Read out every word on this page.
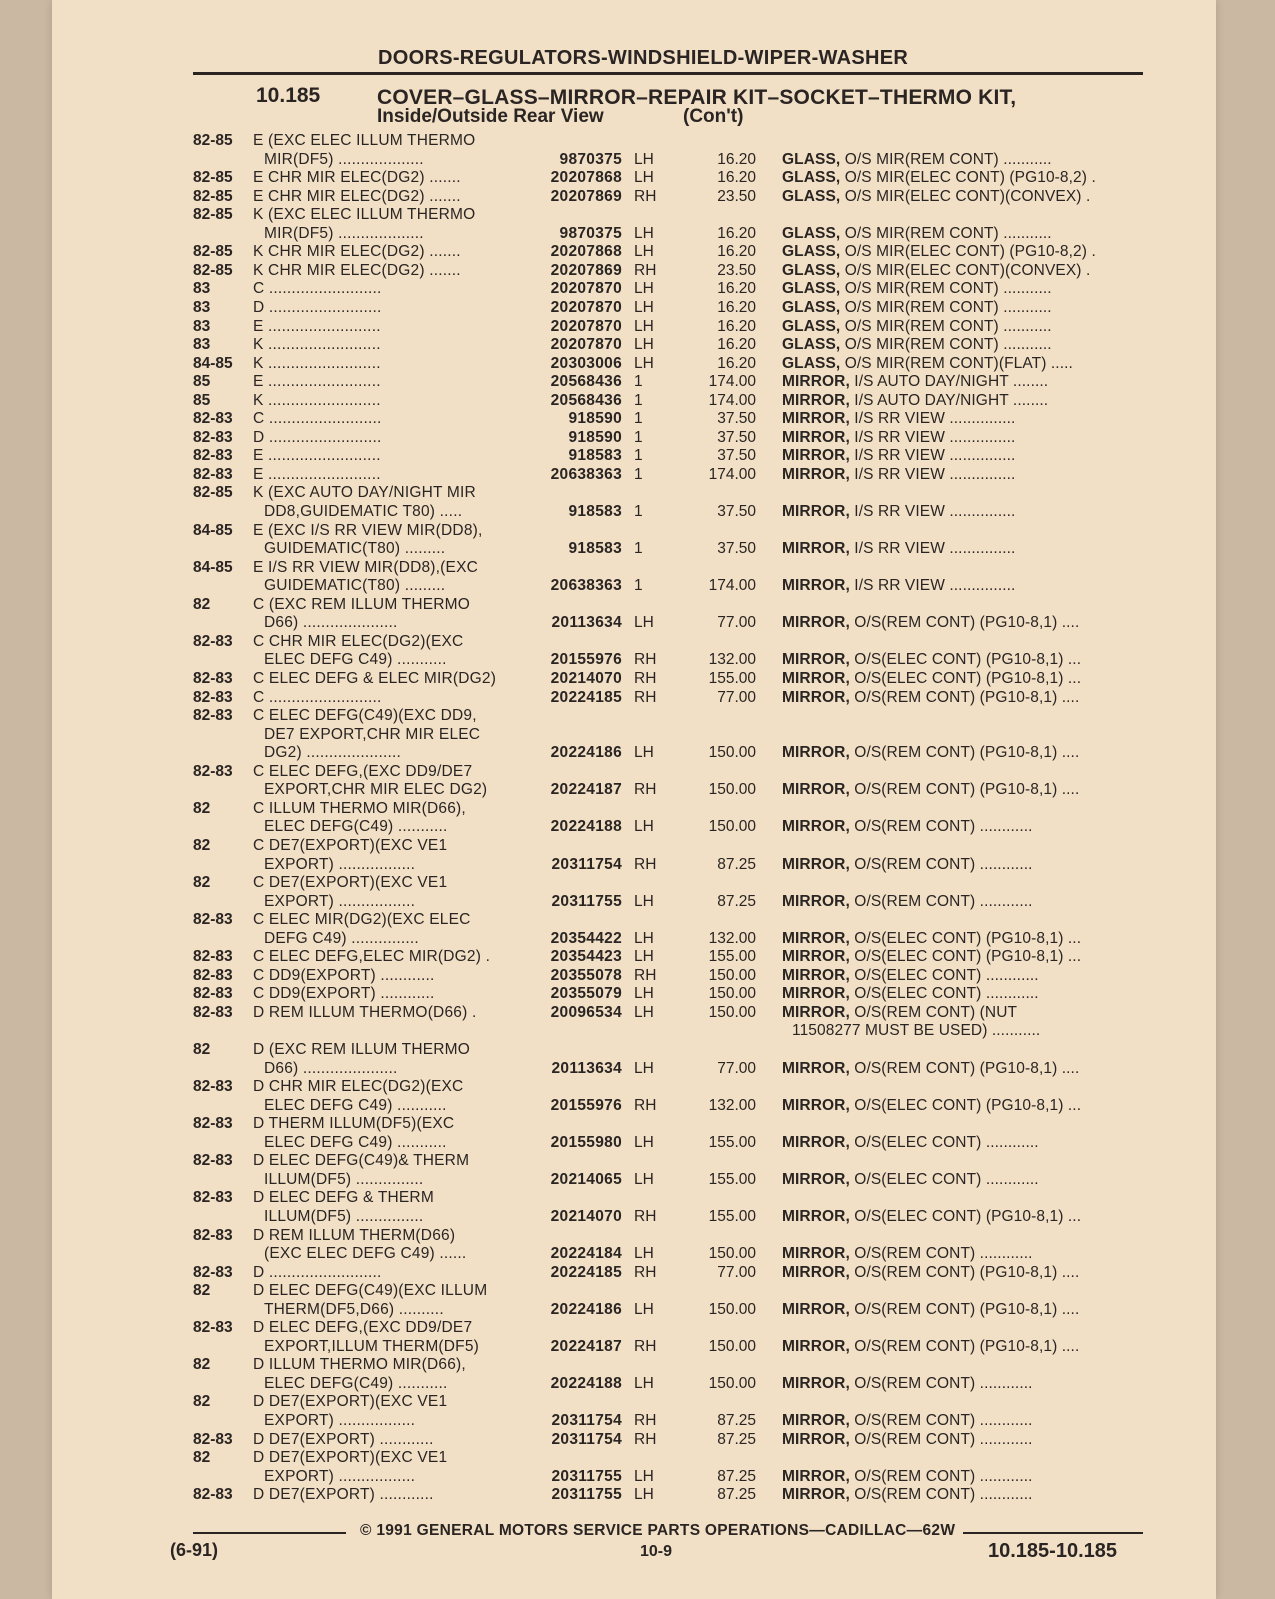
DOORS-REGULATORS-WINDSHIELD-WIPER-WASHER
10.185	COVER–GLASS–MIRROR–REPAIR KIT–SOCKET–THERMO KIT,
Inside/Outside Rear View	(Con't)
82-85 E (EXC ELEC ILLUM THERMO
MIR(DF5) ...................	9870375 LH	16.20 GLASS, O/S MIR(REM CONT) ...........
82-85 E CHR MIR ELEC(DG2) .......	20207868 LH	16.20 GLASS, O/S MIR(ELEC CONT) (PG10-8,2) .
82-85 E CHR MIR ELEC(DG2) .......	20207869 RH	23.50 GLASS, O/S MIR(ELEC CONT)(CONVEX) .
82-85 K (EXC ELEC ILLUM THERMO
MIR(DF5) ...................	9870375 LH	16.20 GLASS, O/S MIR(REM CONT) ...........
82-85 K CHR MIR ELEC(DG2) .......	20207868 LH	16.20 GLASS, O/S MIR(ELEC CONT) (PG10-8,2) .
82-85 K CHR MIR ELEC(DG2) .......	20207869 RH	23.50 GLASS, O/S MIR(ELEC CONT)(CONVEX) .
83	C .........................	20207870 LH	16.20 GLASS, O/S MIR(REM CONT) ...........
83	D .........................	20207870 LH	16.20 GLASS, O/S MIR(REM CONT) ...........
83	E .........................	20207870 LH	16.20 GLASS, O/S MIR(REM CONT) ...........
83	K .........................	20207870 LH	16.20 GLASS, O/S MIR(REM CONT) ...........
84-85 K .........................	20303006 LH	16.20 GLASS, O/S MIR(REM CONT)(FLAT) .....
85	E .........................	20568436 1	174.00 MIRROR, I/S AUTO DAY/NIGHT ........
85	K .........................	20568436 1	174.00 MIRROR, I/S AUTO DAY/NIGHT ........
82-83 C .........................	918590 1	37.50 MIRROR, I/S RR VIEW ...............
82-83 D .........................	918590 1	37.50 MIRROR, I/S RR VIEW ...............
82-83 E .........................	918583 1	37.50 MIRROR, I/S RR VIEW ...............
82-83 E .........................	20638363 1	174.00 MIRROR, I/S RR VIEW ...............
82-85 K (EXC AUTO DAY/NIGHT MIR
DD8,GUIDEMATIC T80) .....	918583 1	37.50 MIRROR, I/S RR VIEW ...............
84-85 E (EXC I/S RR VIEW MIR(DD8),
GUIDEMATIC(T80) .........	918583 1	37.50 MIRROR, I/S RR VIEW ...............
84-85 E I/S RR VIEW MIR(DD8),(EXC
GUIDEMATIC(T80) .........	20638363 1	174.00 MIRROR, I/S RR VIEW ...............
82	C (EXC REM ILLUM THERMO
D66) .....................	20113634 LH	77.00 MIRROR, O/S(REM CONT) (PG10-8,1) ....
82-83 C CHR MIR ELEC(DG2)(EXC
ELEC DEFG C49) ...........	20155976 RH	132.00 MIRROR, O/S(ELEC CONT) (PG10-8,1) ...
82-83 C ELEC DEFG & ELEC MIR(DG2)	20214070 RH	155.00 MIRROR, O/S(ELEC CONT) (PG10-8,1) ...
82-83 C .........................	20224185 RH	77.00 MIRROR, O/S(REM CONT) (PG10-8,1) ....
82-83 C ELEC DEFG(C49)(EXC DD9,
DE7 EXPORT,CHR MIR ELEC
DG2) .....................	20224186 LH	150.00 MIRROR, O/S(REM CONT) (PG10-8,1) ....
82-83 C ELEC DEFG,(EXC DD9/DE7
EXPORT,CHR MIR ELEC DG2)	20224187 RH	150.00 MIRROR, O/S(REM CONT) (PG10-8,1) ....
82	C ILLUM THERMO MIR(D66),
ELEC DEFG(C49) ...........	20224188 LH	150.00 MIRROR, O/S(REM CONT) ............
82	C DE7(EXPORT)(EXC VE1
EXPORT) .................	20311754 RH	87.25 MIRROR, O/S(REM CONT) ............
82	C DE7(EXPORT)(EXC VE1
EXPORT) .................	20311755 LH	87.25 MIRROR, O/S(REM CONT) ............
82-83 C ELEC MIR(DG2)(EXC ELEC
DEFG C49) ...............	20354422 LH	132.00 MIRROR, O/S(ELEC CONT) (PG10-8,1) ...
82-83 C ELEC DEFG,ELEC MIR(DG2) .	20354423 LH	155.00 MIRROR, O/S(ELEC CONT) (PG10-8,1) ...
82-83 C DD9(EXPORT) ............	20355078 RH	150.00 MIRROR, O/S(ELEC CONT) ............
82-83 C DD9(EXPORT) ............	20355079 LH	150.00 MIRROR, O/S(ELEC CONT) ............
82-83 D REM ILLUM THERMO(D66) .	20096534 LH	150.00 MIRROR, O/S(REM CONT) (NUT
11508277 MUST BE USED) ...........
82	D (EXC REM ILLUM THERMO
D66) .....................	20113634 LH	77.00 MIRROR, O/S(REM CONT) (PG10-8,1) ....
82-83 D CHR MIR ELEC(DG2)(EXC
ELEC DEFG C49) ...........	20155976 RH	132.00 MIRROR, O/S(ELEC CONT) (PG10-8,1) ...
82-83 D THERM ILLUM(DF5)(EXC
ELEC DEFG C49) ...........	20155980 LH	155.00 MIRROR, O/S(ELEC CONT) ............
82-83 D ELEC DEFG(C49)& THERM
ILLUM(DF5) ...............	20214065 LH	155.00 MIRROR, O/S(ELEC CONT) ............
82-83 D ELEC DEFG & THERM
ILLUM(DF5) ...............	20214070 RH	155.00 MIRROR, O/S(ELEC CONT) (PG10-8,1) ...
82-83 D REM ILLUM THERM(D66)
(EXC ELEC DEFG C49) ......	20224184 LH	150.00 MIRROR, O/S(REM CONT) ............
82-83 D .........................	20224185 RH	77.00 MIRROR, O/S(REM CONT) (PG10-8,1) ....
82	D ELEC DEFG(C49)(EXC ILLUM
THERM(DF5,D66) ..........	20224186 LH	150.00 MIRROR, O/S(REM CONT) (PG10-8,1) ....
82-83 D ELEC DEFG,(EXC DD9/DE7
EXPORT,ILLUM THERM(DF5)	20224187 RH	150.00 MIRROR, O/S(REM CONT) (PG10-8,1) ....
82	D ILLUM THERMO MIR(D66),
ELEC DEFG(C49) ...........	20224188 LH	150.00 MIRROR, O/S(REM CONT) ............
82	D DE7(EXPORT)(EXC VE1
EXPORT) .................	20311754 RH	87.25 MIRROR, O/S(REM CONT) ............
82-83 D DE7(EXPORT) ............	20311754 RH	87.25 MIRROR, O/S(REM CONT) ............
82	D DE7(EXPORT)(EXC VE1
EXPORT) .................	20311755 LH	87.25 MIRROR, O/S(REM CONT) ............
82-83 D DE7(EXPORT) ............	20311755 LH	87.25 MIRROR, O/S(REM CONT) ............
© 1991 GENERAL MOTORS SERVICE PARTS OPERATIONS—CADILLAC—62W
(6-91)	10-9	10.185-10.185
